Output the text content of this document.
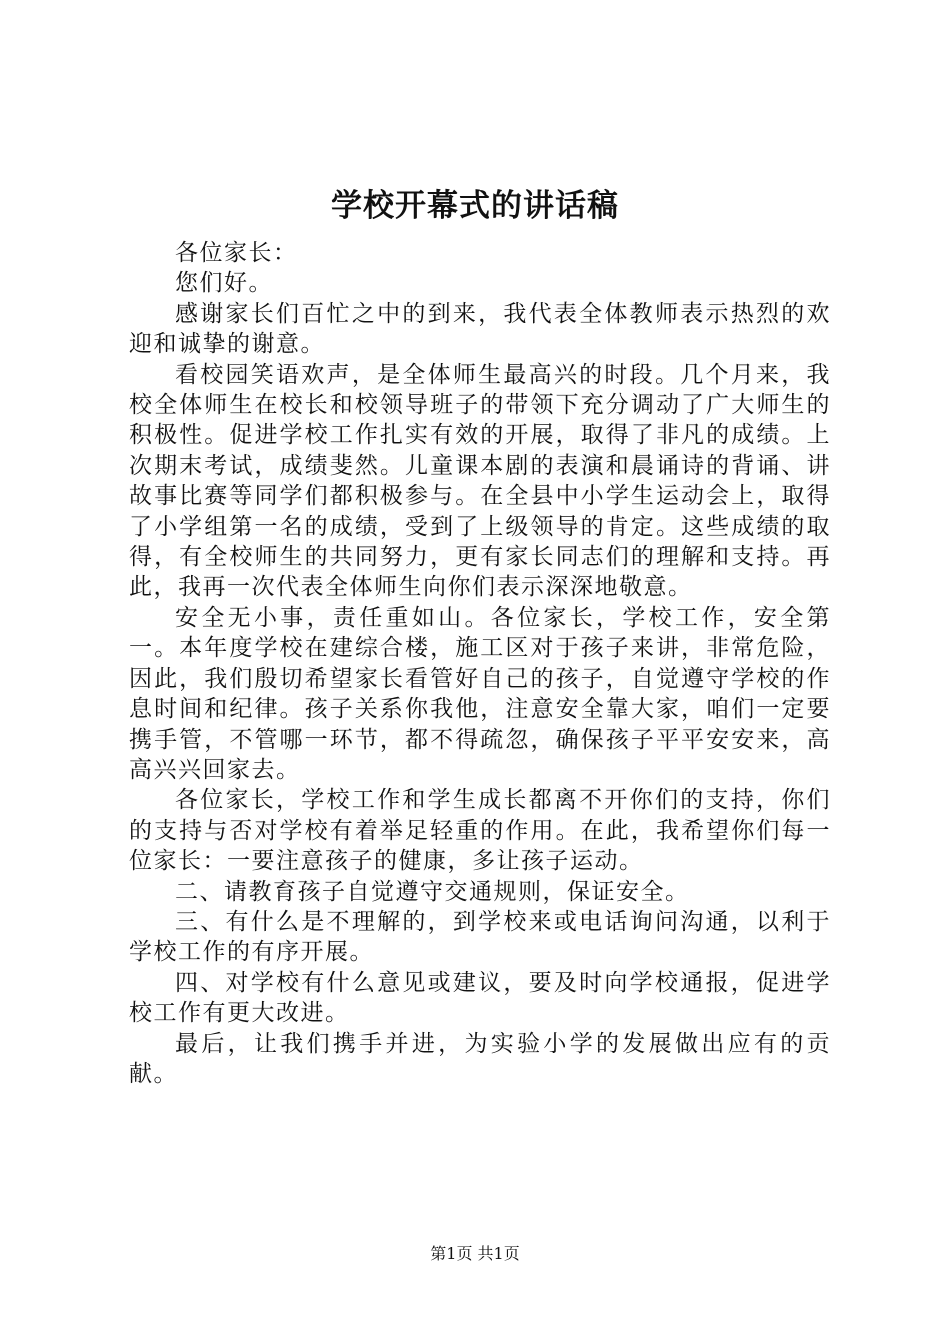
学校开幕式的讲话稿

各位家长：

您们好。

感谢家长们百忙之中的到来，我代表全体教师表示热烈的欢迎和诚挚的谢意。

看校园笑语欢声，是全体师生最高兴的时段。几个月来，我校全体师生在校长和校领导班子的带领下充分调动了广大师生的积极性。促进学校工作扎实有效的开展，取得了非凡的成绩。上次期末考试，成绩斐然。儿童课本剧的表演和晨诵诗的背诵、讲故事比赛等同学们都积极参与。在全县中小学生运动会上，取得了小学组第一名的成绩，受到了上级领导的肯定。这些成绩的取得，有全校师生的共同努力，更有家长同志们的理解和支持。再此，我再一次代表全体师生向你们表示深深地敬意。

安全无小事，责任重如山。各位家长，学校工作，安全第一。本年度学校在建综合楼，施工区对于孩子来讲，非常危险，因此，我们殷切希望家长看管好自己的孩子，自觉遵守学校的作息时间和纪律。孩子关系你我他，注意安全靠大家，咱们一定要携手管，不管哪一环节，都不得疏忽，确保孩子平平安安来，高高兴兴回家去。

各位家长，学校工作和学生成长都离不开你们的支持，你们的支持与否对学校有着举足轻重的作用。在此，我希望你们每一位家长：一要注意孩子的健康，多让孩子运动。

二、请教育孩子自觉遵守交通规则，保证安全。

三、有什么是不理解的，到学校来或电话询问沟通，以利于学校工作的有序开展。

四、对学校有什么意见或建议，要及时向学校通报，促进学校工作有更大改进。

最后，让我们携手并进，为实验小学的发展做出应有的贡献。

第1页 共1页
